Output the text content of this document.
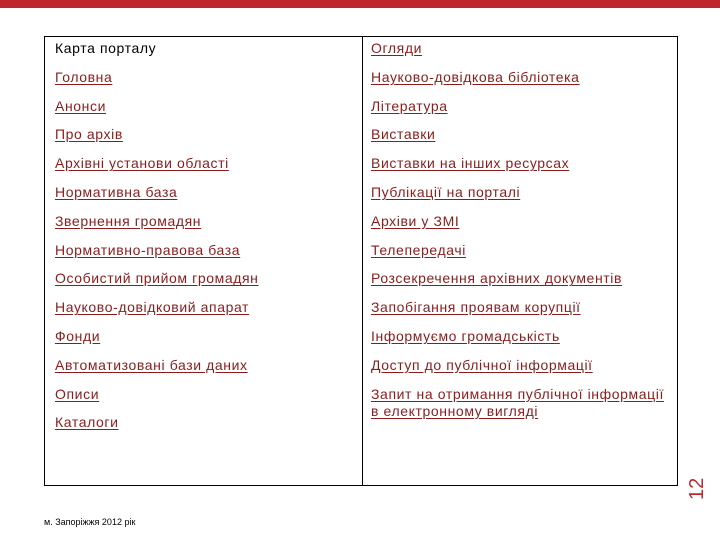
Карта порталу
Головна
Анонси
Про архів
Архівні установи області
Нормативна база
Звернення громадян
Нормативно-правова база
Особистий прийом громадян
Науково-довідковий апарат
Фонди
Автоматизовані бази даних
Описи
Каталоги
Огляди
Науково-довідкова бібліотека
Література
Виставки
Виставки на інших ресурсах
Публікації на порталі
Архіви у ЗМІ
Телепередачі
Розсекречення архівних документів
Запобігання проявам корупції
Інформуємо громадськість
Доступ до публічної інформації
Запит на отримання публічної інформації в електронному вигляді
12
м. Запоріжжя 2012 рік
